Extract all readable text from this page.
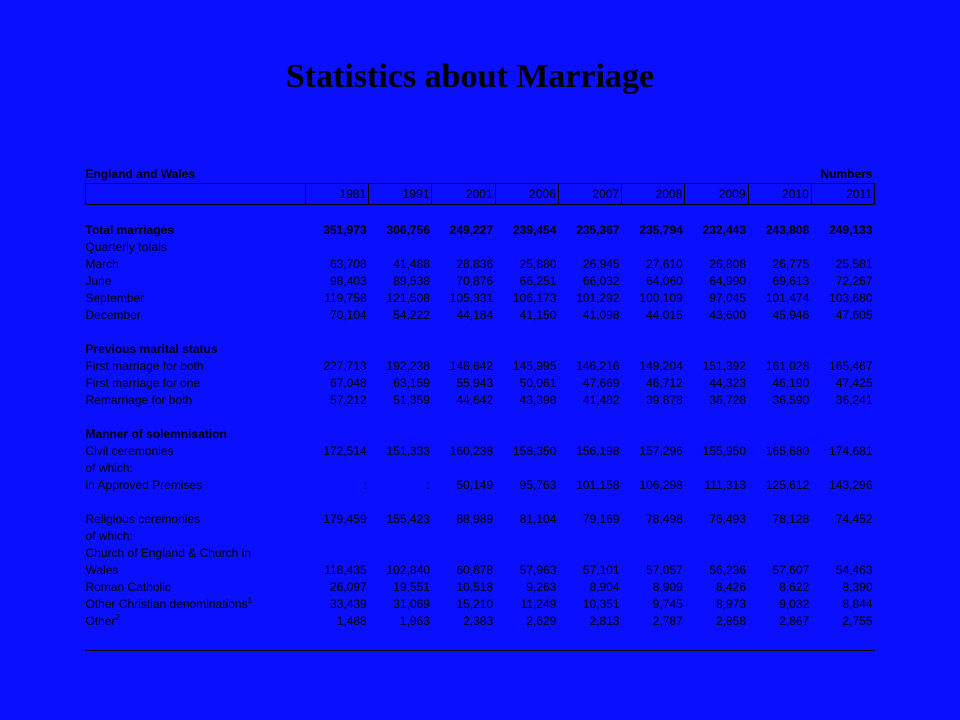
Statistics about Marriage
England and Wales					Numbers				
	1981	1991	2001	2006	2007	2008	2009	2010	2011

Total marriages	351,973	306,756	249,227	239,454	235,367	235,794	232,443	243,808	249,133
Quarterly totals									
March	63,708	41,488	28,836	25,880	26,945	27,610	26,808	26,775	25,581
June	98,403	89,538	70,876	66,251	66,032	64,060	64,990	69,613	72,267
September	119,758	121,508	105,331	106,173	101,292	100,109	97,045	101,474	103,680
December	70,104	54,222	44,184	41,150	41,098	44,015	43,600	45,946	47,605

Previous marital status									
First marriage for both	227,713	192,238	148,642	145,995	146,216	149,204	151,392	161,028	165,467
First marriage for one	67,048	63,159	55,943	50,061	47,669	46,712	44,323	46,190	47,425
Remarriage for both	57,212	51,359	44,642	43,398	41,482	39,878	36,728	36,590	36,241

Manner of solemnisation									
Civil ceremonies	172,514	151,333	160,238	158,350	156,198	157,296	155,950	165,680	174,681
of which:									
in Approved Premises	:	:	50,149	95,763	101,158	106,298	111,313	125,612	143,296

Religious ceremonies	179,459	155,423	88,989	81,104	79,169	78,498	76,493	78,128	74,452
of which:									
Church of England & Church in									
Wales	118,435	102,840	60,878	57,963	57,101	57,057	56,236	57,607	54,463
Roman Catholic	26,097	19,551	10,518	9,263	8,904	8,909	8,426	8,622	8,390
Other Christian denominations$^1$	33,439	31,069	15,210	11,249	10,351	9,745	8,973	9,032	8,844
Other$^2$	1,488	1,963	2,383	2,629	2,813	2,787	2,858	2,867	2,755
